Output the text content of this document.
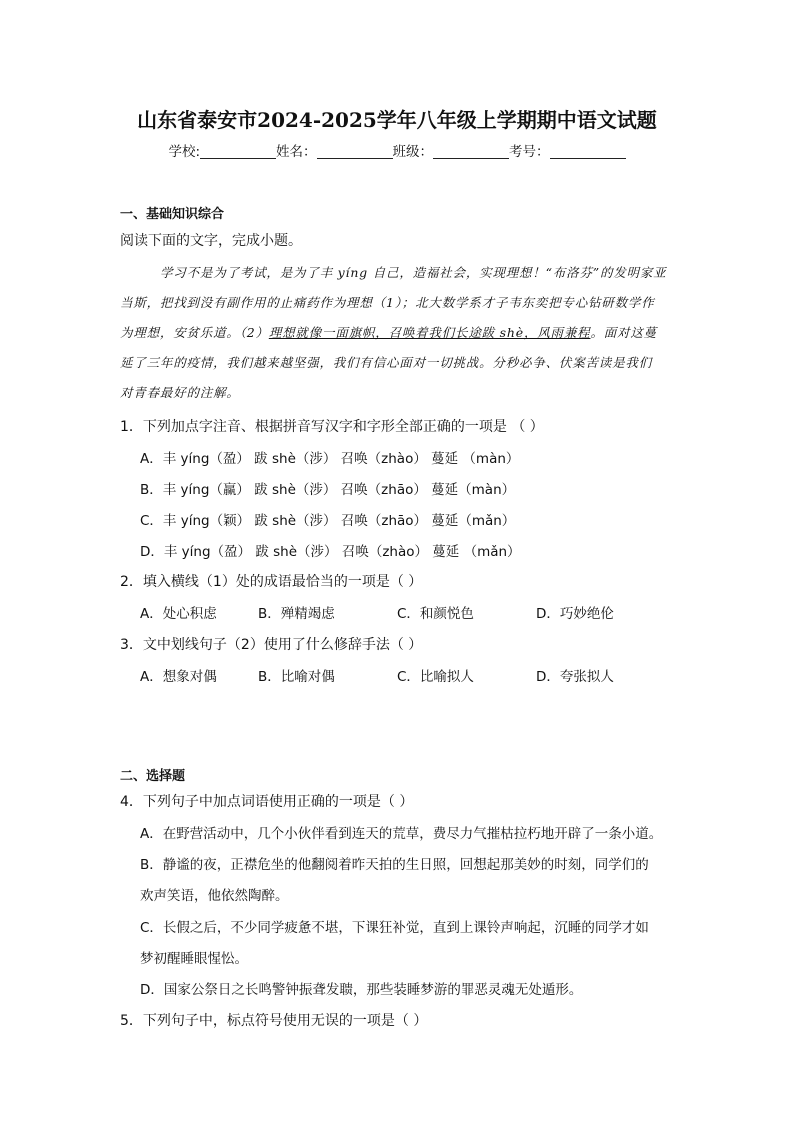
山东省泰安市2024-2025学年八年级上学期期中语文试题
学校:	姓名：	班级：	考号：
一、基础知识综合
阅读下面的文字，完成小题。
学习不是为了考试，是为了丰 yíng 自己，造福社会，实现理想！“布洛芬”的发明家亚
当斯，把找到没有副作用的止痛药作为理想（1）；北大数学系才子韦东奕把专心钻研数学作
为理想，安贫乐道。（2）理想就像一面旗帜，召唤着我们长途跋 shè，风雨兼程。面对这蔓
延了三年的疫情，我们越来越坚强，我们有信心面对一切挑战。分秒必争、伏案苦读是我们
对青春最好的注解。
1．下列加点字注音、根据拼音写汉字和字形全部正确的一项是 （ ）
A．丰 yíng（盈） 跋 shè（涉） 召唤（zhào） 蔓延 （màn）
B．丰 yíng（赢） 跋 shè（涉） 召唤（zhāo） 蔓延（màn）
C．丰 yíng（颖） 跋 shè（涉） 召唤（zhāo） 蔓延（mǎn）
D．丰 yíng（盈） 跋 shè（涉） 召唤（zhào） 蔓延 （mǎn）
2．填入横线（1）处的成语最恰当的一项是（ ）
A．处心积虑	B．殚精竭虑	C．和颜悦色	D．巧妙绝伦
3．文中划线句子（2）使用了什么修辞手法（ ）
A．想象对偶	B．比喻对偶	C．比喻拟人	D．夸张拟人
二、选择题
4．下列句子中加点词语使用正确的一项是（ ）
A．在野营活动中，几个小伙伴看到连天的荒草，费尽力气摧枯拉朽地开辟了一条小道。
B．静谧的夜，正襟危坐的他翻阅着昨天拍的生日照，回想起那美妙的时刻，同学们的
欢声笑语，他依然陶醉。
C．长假之后，不少同学疲惫不堪，下课狂补觉，直到上课铃声响起，沉睡的同学才如
梦初醒睡眼惺忪。
D．国家公祭日之长鸣警钟振聋发聩，那些装睡梦游的罪恶灵魂无处遁形。
5．下列句子中，标点符号使用无误的一项是（ ）
